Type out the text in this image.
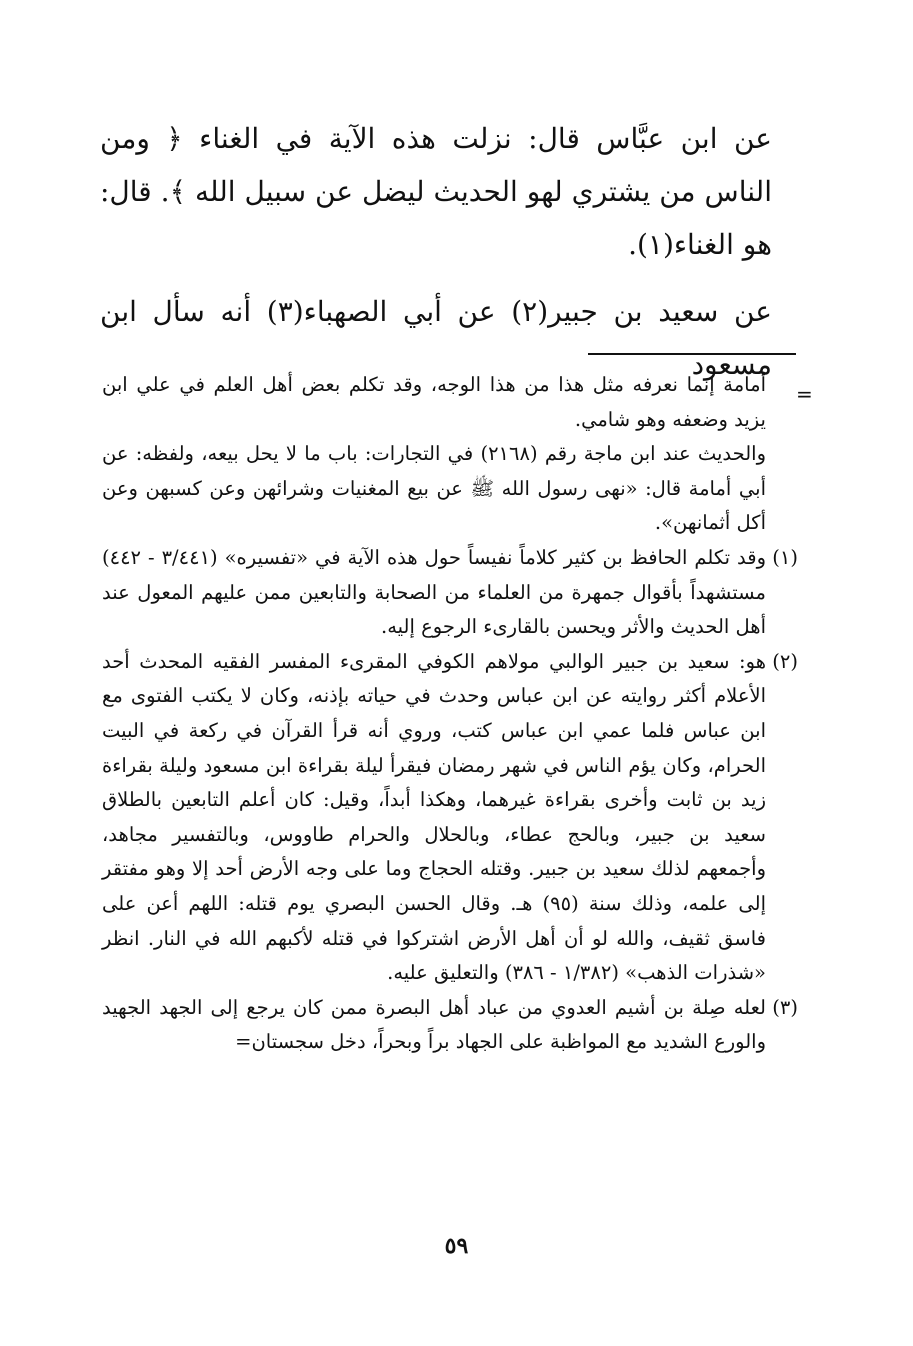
عن ابن عبَّاس قال: نزلت هذه الآية في الغناء ﴿ ومن الناس من يشتري لهو الحديث ليضل عن سبيل الله ﴾. قال: هو الغناء(١).

عن سعيد بن جبير(٢) عن أبي الصهباء(٣) أنه سأل ابن مسعود

=

أمامة إنما نعرفه مثل هذا من هذا الوجه، وقد تكلم بعض أهل العلم في علي ابن يزيد وضعفه وهو شامي.

والحديث عند ابن ماجة رقم (٢١٦٨) في التجارات: باب ما لا يحل بيعه، ولفظه: عن أبي أمامة قال: «نهى رسول الله ﷺ عن بيع المغنيات وشرائهن وعن كسبهن وعن أكل أثمانهن».

(١)
وقد تكلم الحافظ بن كثير كلاماً نفيساً حول هذه الآية في «تفسيره» (٣/٤٤١ - ٤٤٢) مستشهداً بأقوال جمهرة من العلماء من الصحابة والتابعين ممن عليهم المعول عند أهل الحديث والأثر ويحسن بالقارىء الرجوع إليه.

(٢)
هو: سعيد بن جبير الوالبي مولاهم الكوفي المقرىء المفسر الفقيه المحدث أحد الأعلام أكثر روايته عن ابن عباس وحدث في حياته بإذنه، وكان لا يكتب الفتوى مع ابن عباس فلما عمي ابن عباس كتب، وروي أنه قرأ القرآن في ركعة في البيت الحرام، وكان يؤم الناس في شهر رمضان فيقرأ ليلة بقراءة ابن مسعود وليلة بقراءة زيد بن ثابت وأخرى بقراءة غيرهما، وهكذا أبداً، وقيل: كان أعلم التابعين بالطلاق سعيد بن جبير، وبالحج عطاء، وبالحلال والحرام طاووس، وبالتفسير مجاهد، وأجمعهم لذلك سعيد بن جبير. وقتله الحجاج وما على وجه الأرض أحد إلا وهو مفتقر إلى علمه، وذلك سنة (٩٥) هـ. وقال الحسن البصري يوم قتله: اللهم أعن على فاسق ثقيف، والله لو أن أهل الأرض اشتركوا في قتله لأكبهم الله في النار. انظر «شذرات الذهب» (١/٣٨٢ - ٣٨٦) والتعليق عليه.

(٣)
لعله صِلة بن أشيم العدوي من عباد أهل البصرة ممن كان يرجع إلى الجهد الجهيد والورع الشديد مع المواظبة على الجهاد براً وبحراً، دخل سجستان=

٥٩
